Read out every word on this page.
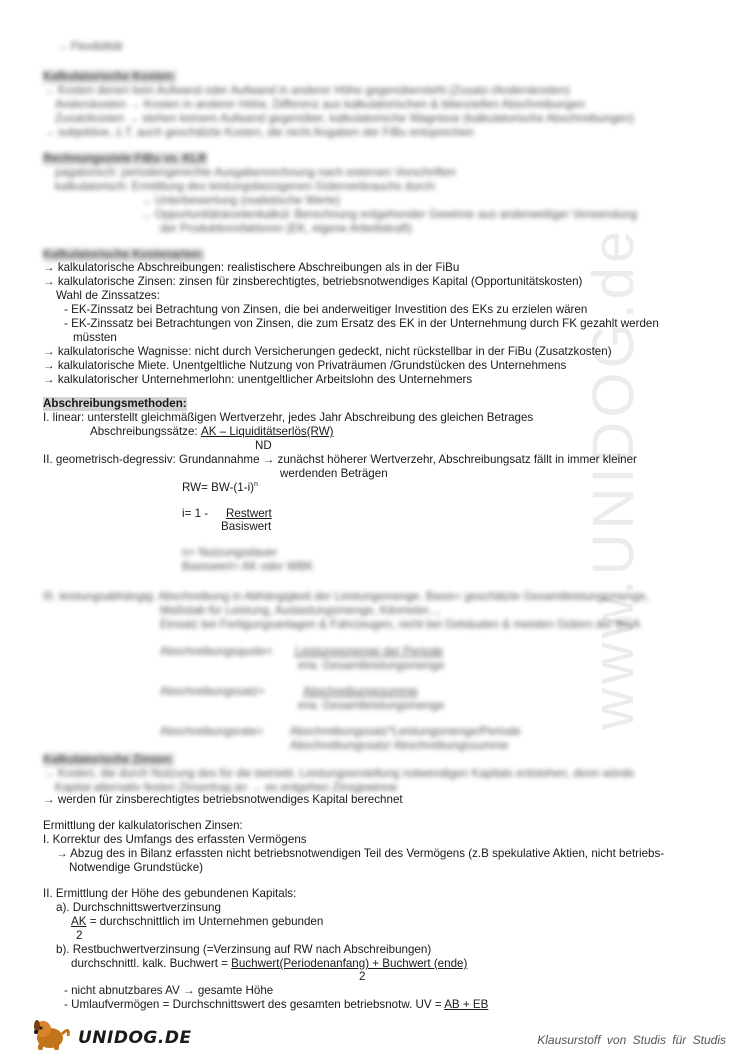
www.UNIDOG.de
→ Flexibilität
Kalkulatorische Kosten:
→ Kosten denen kein Aufwand oder Aufwand in anderer Höhe gegenübersteht (Zusatz-/Anderskosten)
Anderskosten → Kosten in anderer Höhe, Differenz aus kalkulatorischen & bilanziellen Abschreibungen
Zusatzkosten → stehen keinem Aufwand gegenüber, kalkulatorische Wagnisse (kalkulatorische Abschreibungen)
→ subjektive, z.T. auch geschätzte Kosten, die nicht Angaben der FiBu entsprechen
Rechnungsziele FiBu vs. KLR
pagatorisch: periodengerechte Ausgabenrechnung nach externen Vorschriften
kalkulatorisch: Ermittlung des leistungsbezogenen Güterverbrauchs durch:
→ Unterbewertung (realistische Werte)
→ Opportunitätskostenkalkül: Berechnung entgehender Gewinne aus anderweitiger Verwendung
der Produktionsfaktoren (EK, eigene Arbeitskraft)
Kalkulatorische Kostenarten:
→ kalkulatorische Abschreibungen: realistischere Abschreibungen als in der FiBu
→ kalkulatorische Zinsen: zinsen für zinsberechtigtes, betriebsnotwendiges Kapital (Opportunitätskosten)
Wahl de Zinssatzes:
- EK-Zinssatz bei Betrachtung von Zinsen, die bei anderweitiger Investition des EKs zu erzielen wären
- EK-Zinssatz bei Betrachtungen von Zinsen, die zum Ersatz des EK in der Unternehmung durch FK gezahlt werden
müssten
→ kalkulatorische Wagnisse: nicht durch Versicherungen gedeckt, nicht rückstellbar in der FiBu (Zusatzkosten)
→ kalkulatorische Miete. Unentgeltliche Nutzung von Privaträumen /Grundstücken des Unternehmens
→ kalkulatorischer Unternehmerlohn: unentgeltlicher Arbeitslohn des Unternehmers
Abschreibungsmethoden:
I. linear: unterstellt gleichmäßigen Wertverzehr, jedes Jahr Abschreibung des gleichen Betrages
Abschreibungssätze: AK – Liquiditätserlös(RW)
ND
II. geometrisch-degressiv: Grundannahme → zunächst höherer Wertverzehr, Abschreibungsatz fällt in immer kleiner
werdenden Beträgen
$RW= BW-(1-i)^n$
i= 1 - Restwert
Basiswert
n= Nutzungsdauer
Basiswert= AK oder WBK
III. leistungsabhängig: Abschreibung in Abhängigkeit der Leistungsmenge, Basis= geschätzte Gesamtleistungsmenge,
Maßstab für Leistung, Auslastungsmenge, Kilometer....
Einsatz bei Fertigungsanlagen & Fahrzeugen, nicht bei Gebäuden & meisten Gütern der BGA
Abschreibungsquote= Leistungsmenge der Periode
erw. Gesamtleistungsmenge
Abschreibungssatz=	Abschreibungssumme
erw. Gesamtleistungsmenge
Abschreibungsrate= Abschreibungssatz*Leistungsmenge/Periode
Abschreibungssatz/ Abschreibungssumme
Kalkulatorische Zinsen:
→ Kosten, die durch Nutzung des für die betriebl. Leistungserstellung notwendigen Kapitals entstehen, denn würde
Kapital alternativ festen Zinsertrag an → es entgehen Zinsgewinne
→ werden für zinsberechtigtes betriebsnotwendiges Kapital berechnet
Ermittlung der kalkulatorischen Zinsen:
I. Korrektur des Umfangs des erfassten Vermögens
→ Abzug des in Bilanz erfassten nicht betriebsnotwendigen Teil des Vermögens (z.B spekulative Aktien, nicht betriebs-
Notwendige Grundstücke)
II. Ermittlung der Höhe des gebundenen Kapitals:
a). Durchschnittswertverzinsung
AK = durchschnittlich im Unternehmen gebunden
2
b). Restbuchwertverzinsung (=Verzinsung auf RW nach Abschreibungen)
durchschnittl. kalk. Buchwert = Buchwert(Periodenanfang) + Buchwert (ende)
2
- nicht abnutzbares AV → gesamte Höhe
- Umlaufvermögen = Durchschnittswert des gesamten betriebsnotw. UV = AB + EB
UNIDOG.DE	Klausurstoff von Studis für Studis
